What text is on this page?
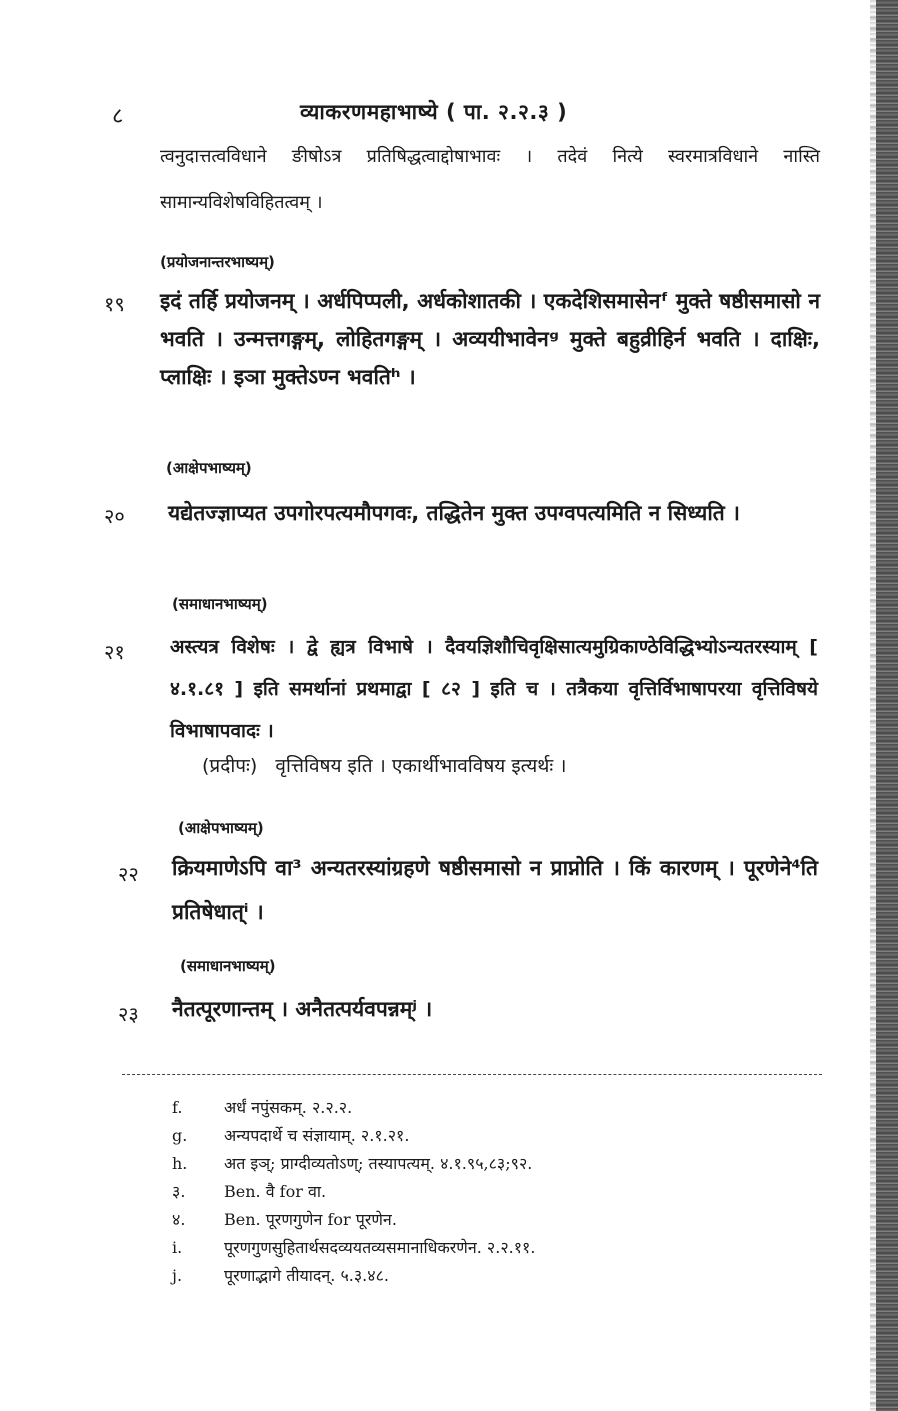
८	व्याकरणमहाभाष्ये ( पा. २.२.३ )
त्वनुदात्तत्वविधाने ङीषोऽत्र प्रतिषिद्धत्वाद्दोषाभावः । तदेवं नित्ये स्वरमात्रविधाने नास्ति सामान्यविशेषविहितत्वम् ।
(प्रयोजनान्तरभाष्यम्)
१९ इदं तर्हि प्रयोजनम् । अर्धपिप्पली, अर्धकोशातकी । एकदेशिसमासेनᶠ मुक्ते षष्ठीसमासो न भवति । उन्मत्तगङ्गम्, लोहितगङ्गम् । अव्ययीभावेनᵍ मुक्ते बहुव्रीहिर्न भवति । दाक्षिः, प्लाक्षिः । इञा मुक्तेऽण्न भवतिʰ ।
(आक्षेपभाष्यम्)
२० यद्येतज्ज्ञाप्यत उपगोरपत्यमौपगवः, तद्धितेन मुक्त उपग्वपत्यमिति न सिध्यति ।
(समाधानभाष्यम्)
२१ अस्त्यत्र विशेषः । द्वे ह्यत्र विभाषे । दैवयज्ञिशौचिवृक्षिसात्यमुग्रिकाण्ठेविद्धिभ्योऽन्यतरस्याम् [ ४.१.८१ ] इति समर्थानां प्रथमाद्वा [ ८२ ] इति च । तत्रैकया वृत्तिर्विभाषापरया वृत्तिविषये विभाषापवादः ।
(प्रदीपः) वृत्तिविषय इति । एकार्थीभावविषय इत्यर्थः ।
(आक्षेपभाष्यम्)
२२ क्रियमाणेऽपि वा³ अन्यतरस्यांग्रहणे षष्ठीसमासो न प्राप्नोति । किं कारणम् । पूरणेने⁴ति प्रतिषेधात्ⁱ ।
(समाधानभाष्यम्)
२३ नैतत्पूरणान्तम् । अनैतत्पर्यवपन्नम्ʲ ।
f.	अर्धं नपुंसकम्. २.२.२.
g. अन्यपदार्थे च संज्ञायाम्. २.१.२१.
h. अत इञ्; प्राग्दीव्यतोऽण्; तस्यापत्यम्. ४.१.९५,८३;९२.
३. Ben. वै for वा.
४. Ben. पूरणगुणेन for पूरणेन.
i.	पूरणगुणसुहितार्थसदव्ययतव्यसमानाधिकरणेन. २.२.११.
j.	पूरणाद्भागे तीयादन्. ५.३.४८.
